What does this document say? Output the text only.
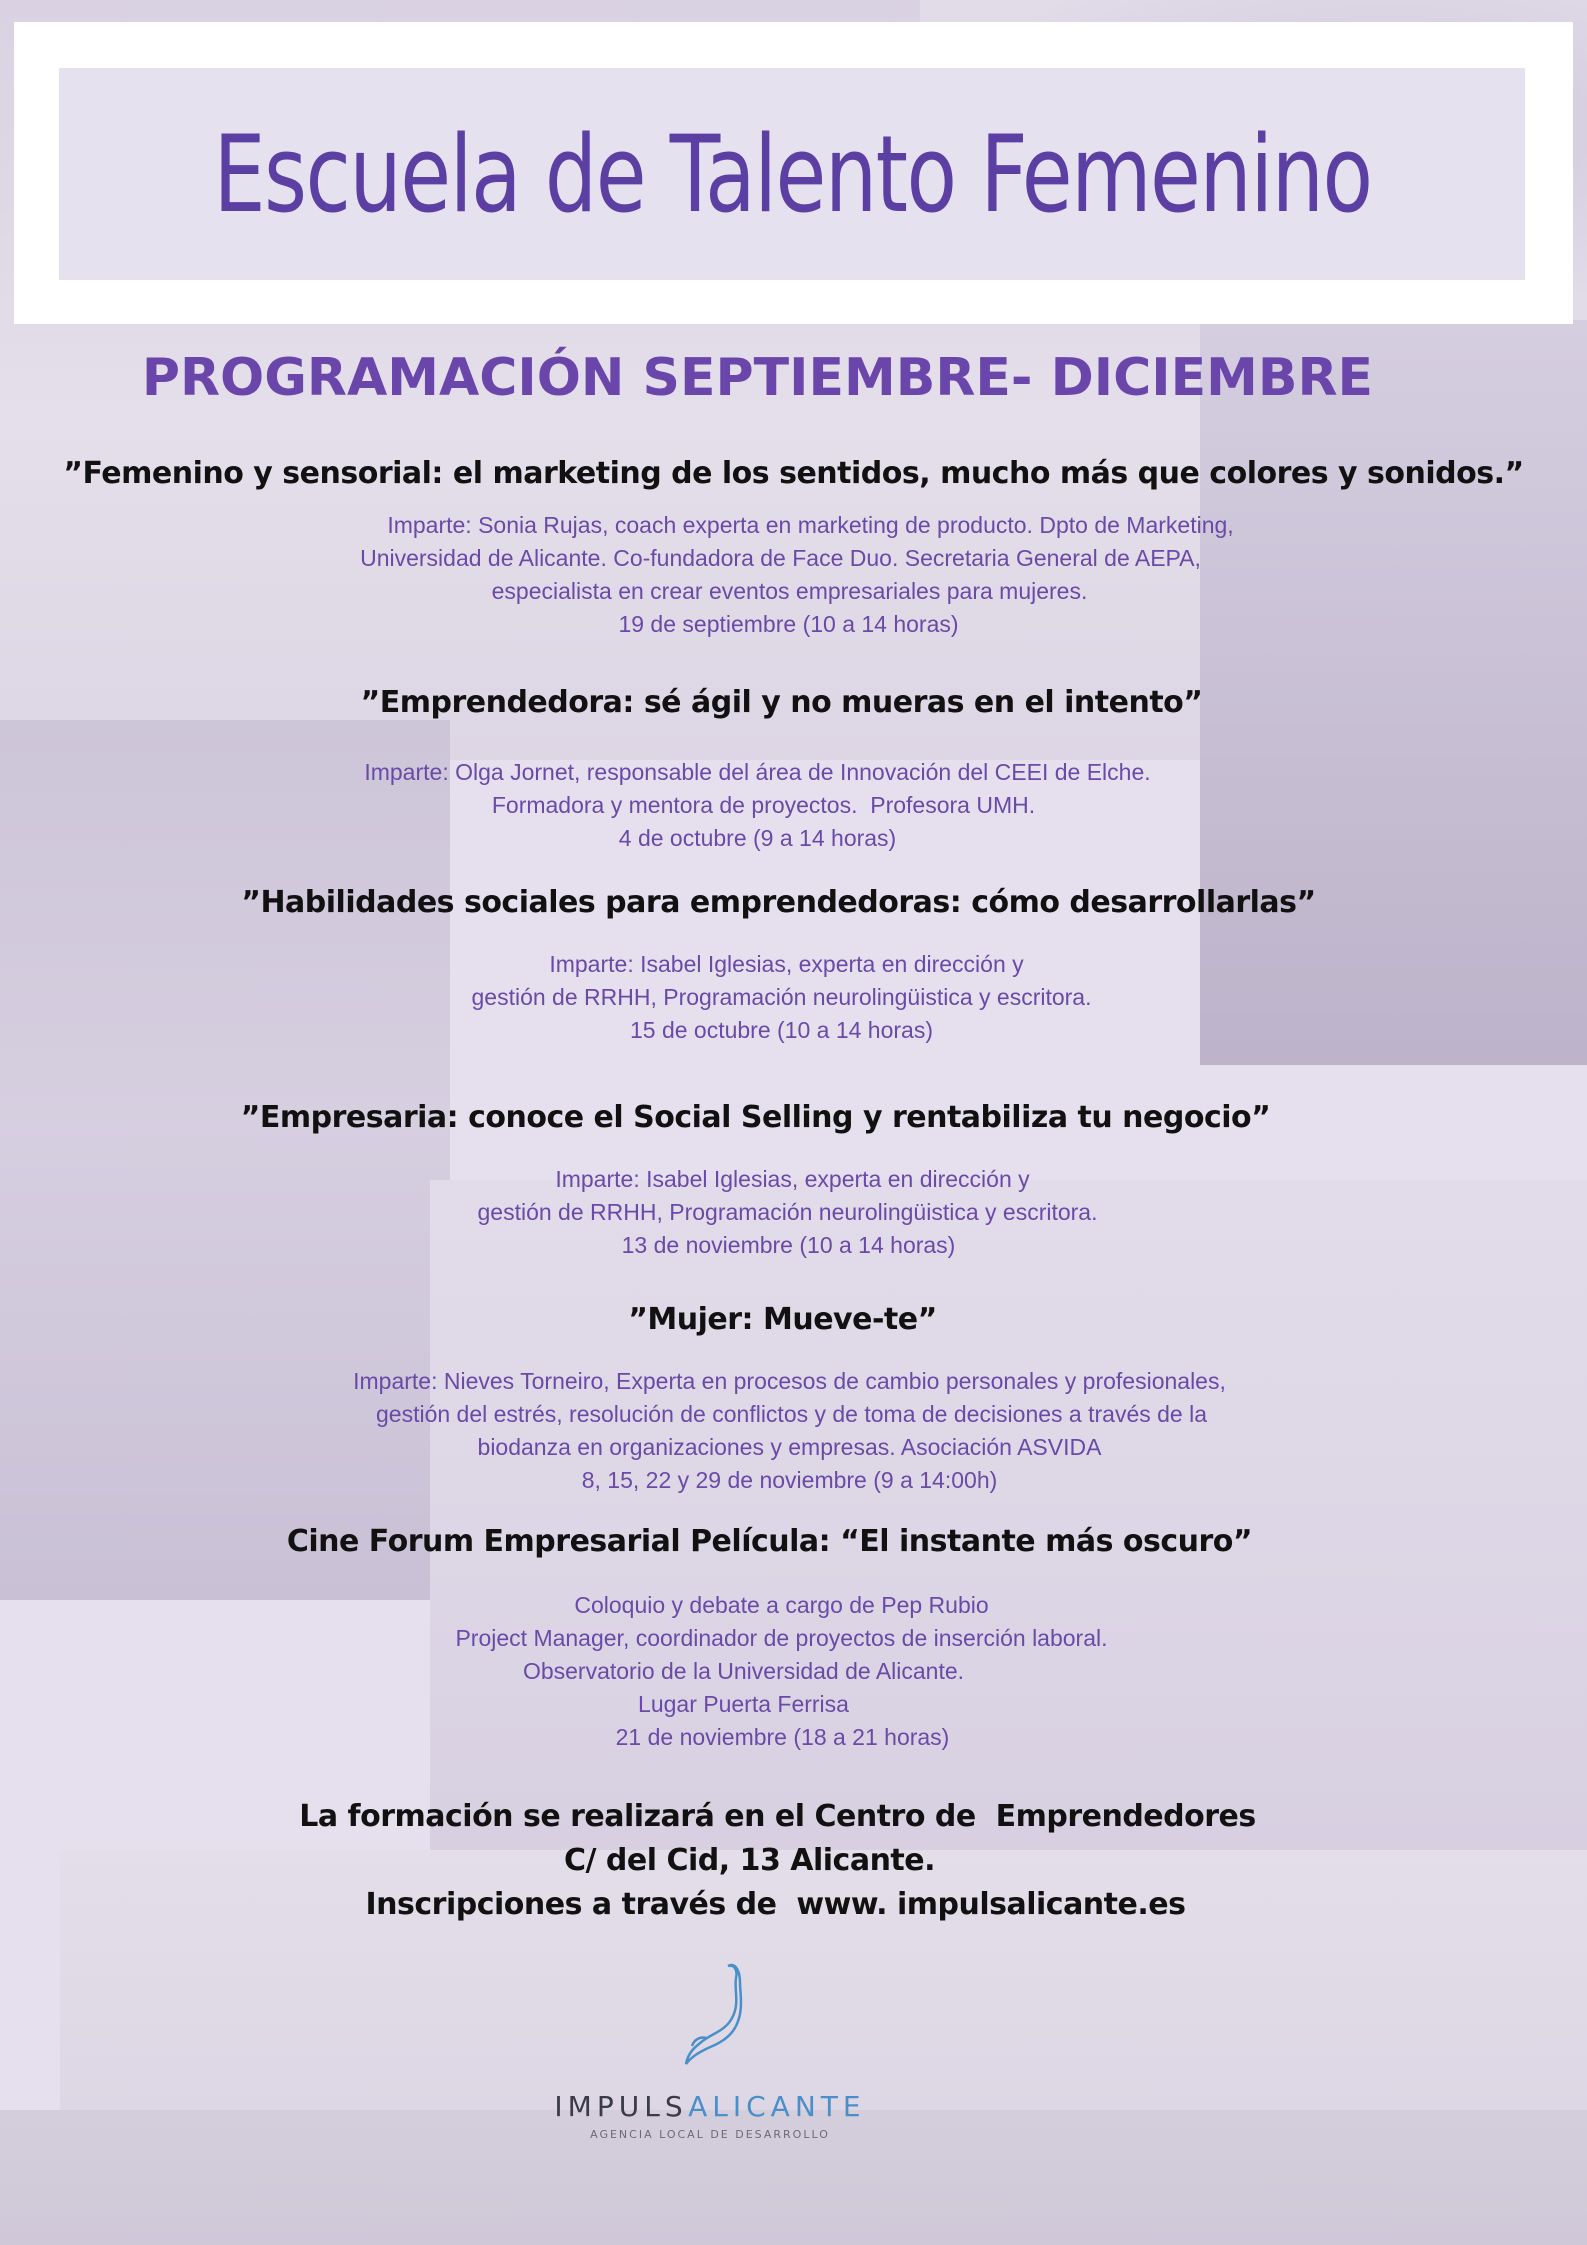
Escuela de Talento Femenino
PROGRAMACIÓN SEPTIEMBRE- DICIEMBRE
”Femenino y sensorial: el marketing de los sentidos, mucho más que colores y sonidos.”
Imparte: Sonia Rujas, coach experta en marketing de producto. Dpto de Marketing,
Universidad de Alicante. Co-fundadora de Face Duo. Secretaria General de AEPA,
especialista en crear eventos empresariales para mujeres.
19 de septiembre (10 a 14 horas)
”Emprendedora: sé ágil y no mueras en el intento”
Imparte: Olga Jornet, responsable del área de Innovación del CEEI de Elche.
Formadora y mentora de proyectos.  Profesora UMH.
4 de octubre (9 a 14 horas)
”Habilidades sociales para emprendedoras: cómo desarrollarlas”
Imparte: Isabel Iglesias, experta en dirección y
gestión de RRHH, Programación neurolingüistica y escritora.
15 de octubre (10 a 14 horas)
”Empresaria: conoce el Social Selling y rentabiliza tu negocio”
Imparte: Isabel Iglesias, experta en dirección y
gestión de RRHH, Programación neurolingüistica y escritora.
13 de noviembre (10 a 14 horas)
”Mujer: Mueve-te”
Imparte: Nieves Torneiro, Experta en procesos de cambio personales y profesionales,
gestión del estrés, resolución de conflictos y de toma de decisiones a través de la
biodanza en organizaciones y empresas. Asociación ASVIDA
8, 15, 22 y 29 de noviembre (9 a 14:00h)
Cine Forum Empresarial Película: “El instante más oscuro”
Coloquio y debate a cargo de Pep Rubio
Project Manager, coordinador de proyectos de inserción laboral.
Observatorio de la Universidad de Alicante.
Lugar Puerta Ferrisa
21 de noviembre (18 a 21 horas)
La formación se realizará en el Centro de  Emprendedores
C/ del Cid, 13 Alicante.
Inscripciones a través de  www. impulsalicante.es
IMPULSALICANTE
AGENCIA LOCAL DE DESARROLLO
